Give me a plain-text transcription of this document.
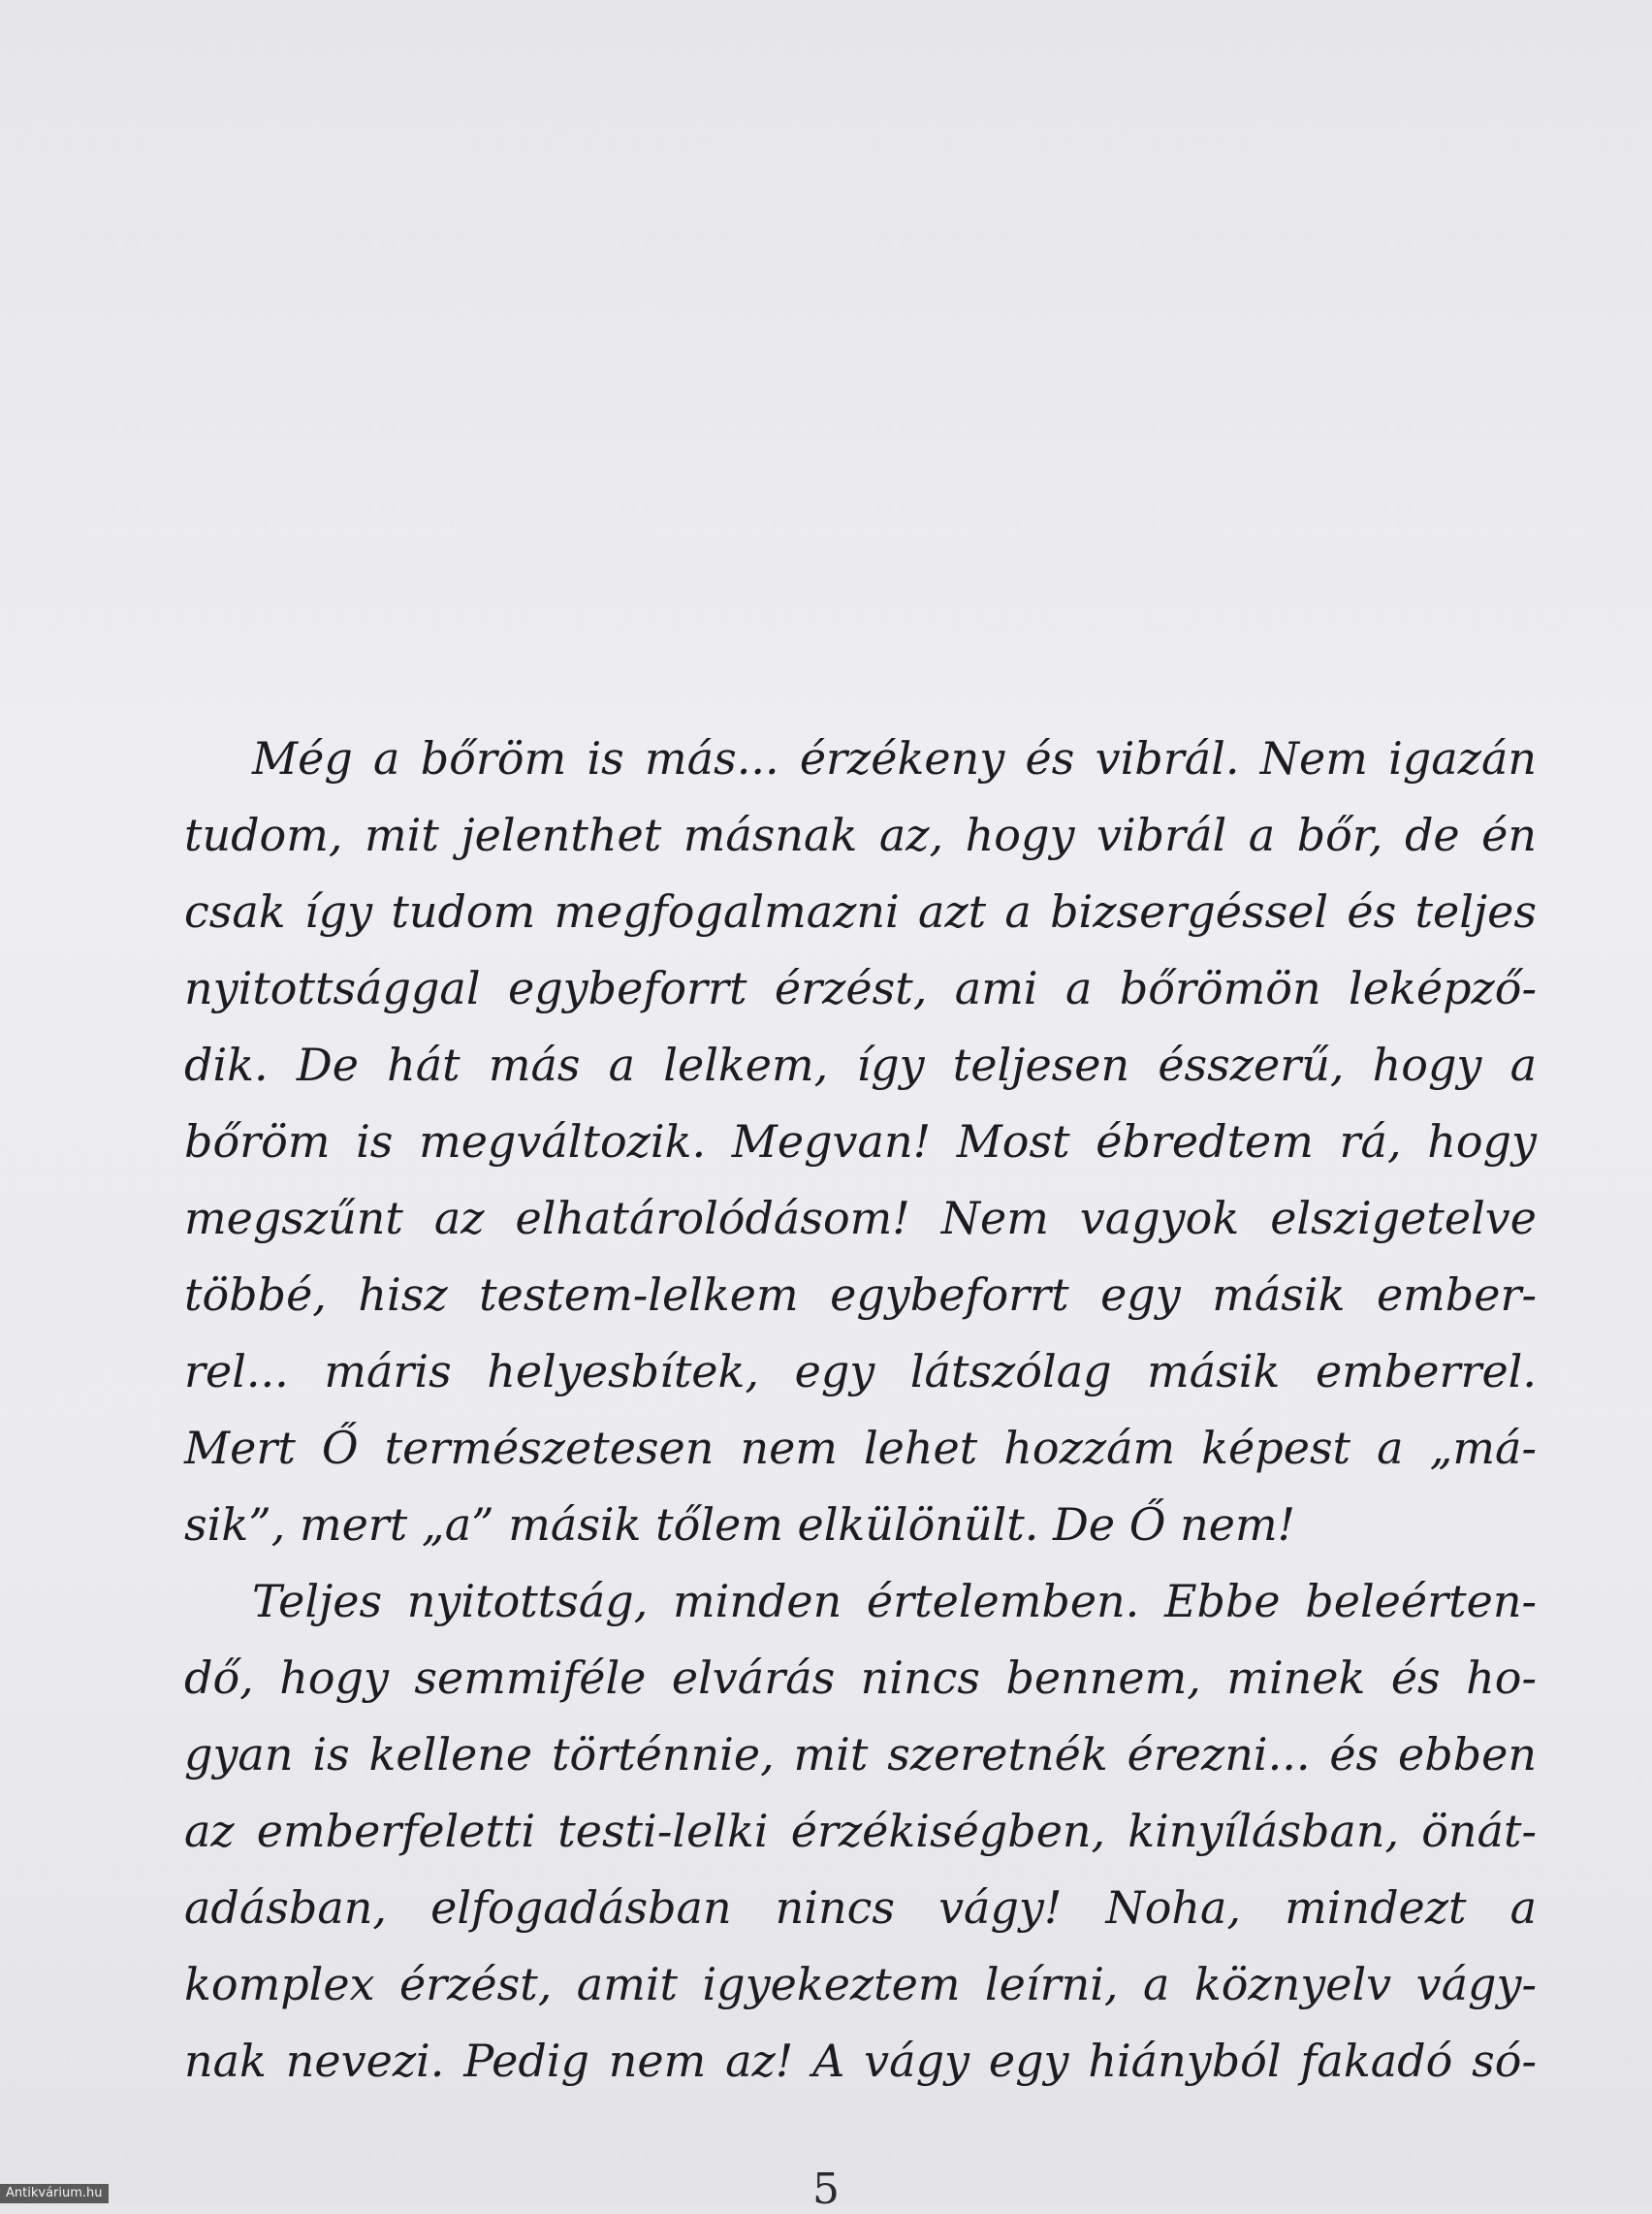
Még a bőröm is más... érzékeny és vibrál. Nem igazán
tudom, mit jelenthet másnak az, hogy vibrál a bőr, de én
csak így tudom megfogalmazni azt a bizsergéssel és teljes
nyitottsággal egybeforrt érzést, ami a bőrömön leképző-
dik. De hát más a lelkem, így teljesen ésszerű, hogy a
bőröm is megváltozik. Megvan! Most ébredtem rá, hogy
megszűnt az elhatárolódásom! Nem vagyok elszigetelve
többé, hisz testem-lelkem egybeforrt egy másik ember-
rel... máris helyesbítek, egy látszólag másik emberrel.
Mert Ő természetesen nem lehet hozzám képest a „má-
sik”, mert „a” másik tőlem elkülönült. De Ő nem!
Teljes nyitottság, minden értelemben. Ebbe beleérten-
dő, hogy semmiféle elvárás nincs bennem, minek és ho-
gyan is kellene történnie, mit szeretnék érezni... és ebben
az emberfeletti testi-lelki érzékiségben, kinyílásban, önát-
adásban, elfogadásban nincs vágy! Noha, mindezt a
komplex érzést, amit igyekeztem leírni, a köznyelv vágy-
nak nevezi. Pedig nem az! A vágy egy hiányból fakadó só-
5
Antikvárium.hu
